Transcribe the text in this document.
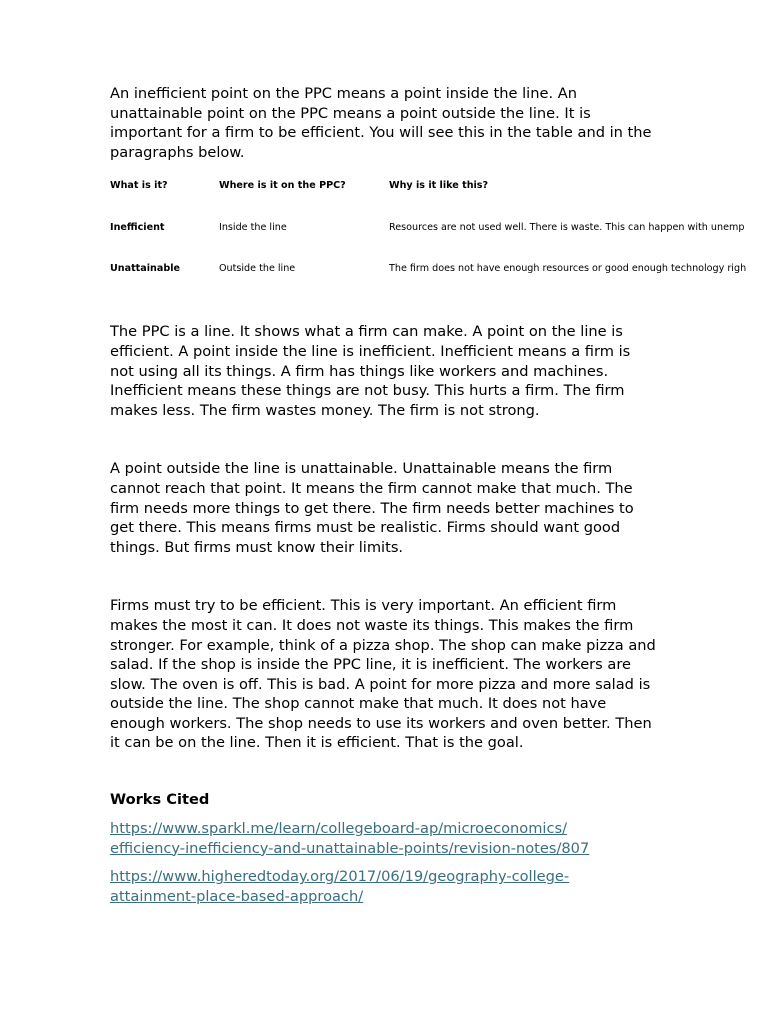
An inefficient point on the PPC means a point inside the line. An unattainable point on the PPC means a point outside the line. It is important for a firm to be efficient. You will see this in the table and in the paragraphs below.

What is it?	Where is it on the PPC?	Why is it like this?
Inefficient	Inside the line	Resources are not used well. There is waste. This can happen with unemp
Unattainable	Outside the line	The firm does not have enough resources or good enough technology righ

The PPC is a line. It shows what a firm can make. A point on the line is efficient. A point inside the line is inefficient. Inefficient means a firm is not using all its things. A firm has things like workers and machines. Inefficient means these things are not busy. This hurts a firm. The firm makes less. The firm wastes money. The firm is not strong.

A point outside the line is unattainable. Unattainable means the firm cannot reach that point. It means the firm cannot make that much. The firm needs more things to get there. The firm needs better machines to get there. This means firms must be realistic. Firms should want good things. But firms must know their limits.

Firms must try to be efficient. This is very important. An efficient firm makes the most it can. It does not waste its things. This makes the firm stronger. For example, think of a pizza shop. The shop can make pizza and salad. If the shop is inside the PPC line, it is inefficient. The workers are slow. The oven is off. This is bad. A point for more pizza and more salad is outside the line. The shop cannot make that much. It does not have enough workers. The shop needs to use its workers and oven better. Then it can be on the line. Then it is efficient. That is the goal.

Works Cited

https://www.sparkl.me/learn/collegeboard-ap/microeconomics/
efficiency-inefficiency-and-unattainable-points/revision-notes/807
https://www.higheredtoday.org/2017/06/19/geography-college-
attainment-place-based-approach/
